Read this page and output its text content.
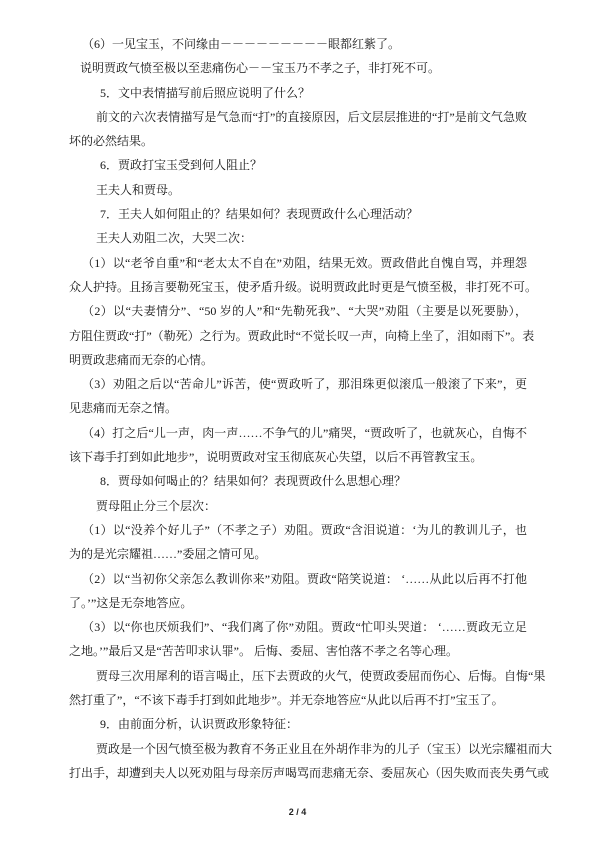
（6）一见宝玉，不问缘由－－－－－－－－－眼都红紫了。
说明贾政气愤至极以至悲痛伤心－－宝玉乃不孝之子，非打死不可。
5．文中表情描写前后照应说明了什么？
前文的六次表情描写是气急而“打”的直接原因，后文层层推进的“打”是前文气急败
坏的必然结果。
6．贾政打宝玉受到何人阻止？
王夫人和贾母。
7．王夫人如何阻止的？结果如何？表现贾政什么心理活动？
王夫人劝阻二次，大哭二次：
（1）以“老爷自重”和“老太太不自在”劝阻，结果无效。贾政借此自愧自骂，并理怨
众人护持。且扬言要勒死宝玉，使矛盾升级。说明贾政此时更是气愤至极，非打死不可。
（2）以“夫妻情分”、“50 岁的人”和“先勒死我”、“大哭”劝阻（主要是以死要胁），
方阻住贾政“打”（勒死）之行为。贾政此时“不觉长叹一声，向椅上坐了，泪如雨下”。表
明贾政悲痛而无奈的心情。
（3）劝阻之后以“苦命儿”诉苦，使“贾政听了，那泪珠更似滚瓜一般滚了下来”，更
见悲痛而无奈之情。
（4）打之后“儿一声，肉一声……不争气的儿”痛哭，“贾政听了，也就灰心，自悔不
该下毒手打到如此地步”，说明贾政对宝玉彻底灰心失望，以后不再管教宝玉。
8．贾母如何喝止的？结果如何？表现贾政什么思想心理？
贾母阻止分三个层次：
（1）以“没养个好儿子”（不孝之子）劝阻。贾政“含泪说道：‘为儿的教训儿子，也
为的是光宗耀祖……”委屈之情可见。
（2）以“当初你父亲怎么教训你来”劝阻。贾政“陪笑说道： ‘……从此以后再不打他
了。’”这是无奈地答应。
（3）以“你也厌烦我们”、“我们离了你”劝阻。贾政“忙叩头哭道： ‘……贾政无立足
之地。’”最后又是“苦苦叩求认罪”。 后悔、委屈、害怕落不孝之名等心理。
贾母三次用犀利的语言喝止，压下去贾政的火气，使贾政委屈而伤心、后悔。自悔“果
然打重了”，“不该下毒手打到如此地步”。并无奈地答应“从此以后再不打”宝玉了。
9．由前面分析，认识贾政形象特征：
贾政是一个因气愤至极为教育不务正业且在外胡作非为的儿子（宝玉）以光宗耀祖而大
打出手，却遭到夫人以死劝阻与母亲厉声喝骂而悲痛无奈、委屈灰心（因失败而丧失勇气或
2 / 4
